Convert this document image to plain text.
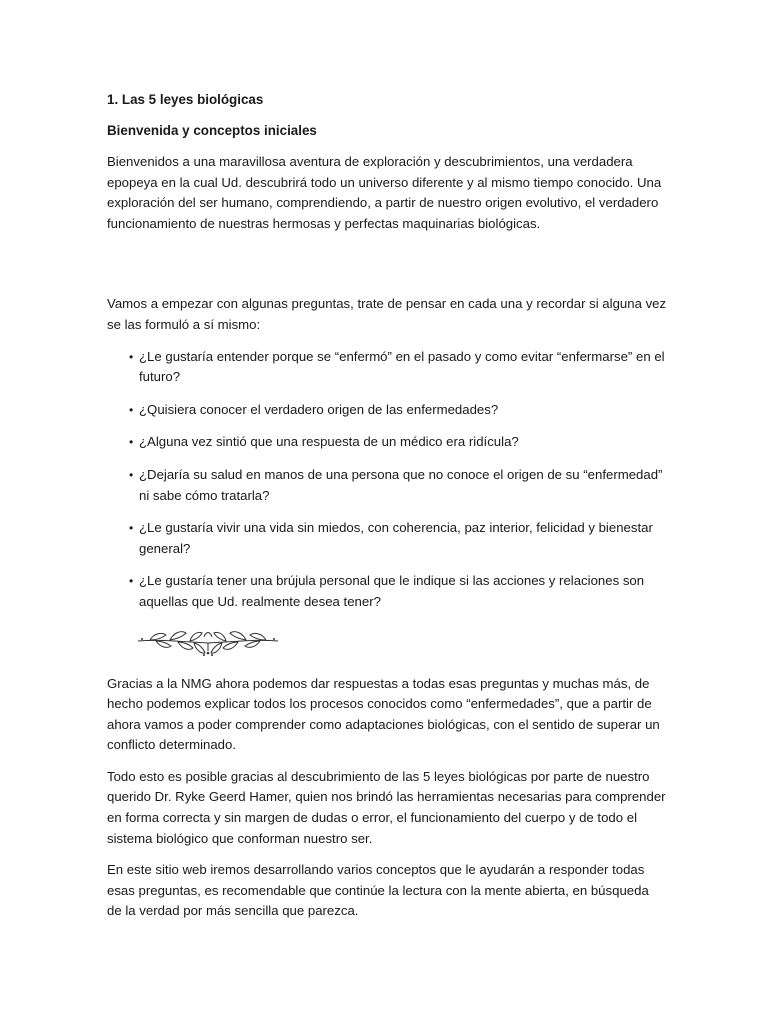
1. Las 5 leyes biológicas
Bienvenida y conceptos iniciales

Bienvenidos a una maravillosa aventura de exploración y descubrimientos, una verdadera epopeya en la cual Ud. descubrirá todo un universo diferente y al mismo tiempo conocido. Una exploración del ser humano, comprendiendo, a partir de nuestro origen evolutivo, el verdadero funcionamiento de nuestras hermosas y perfectas maquinarias biológicas.

Vamos a empezar con algunas preguntas, trate de pensar en cada una y recordar si alguna vez se las formuló a sí mismo:

• ¿Le gustaría entender porque se “enfermó” en el pasado y como evitar “enfermarse” en el futuro?
• ¿Quisiera conocer el verdadero origen de las enfermedades?
• ¿Alguna vez sintió que una respuesta de un médico era ridícula?
• ¿Dejaría su salud en manos de una persona que no conoce el origen de su “enfermedad” ni sabe cómo tratarla?
• ¿Le gustaría vivir una vida sin miedos, con coherencia, paz interior, felicidad y bienestar general?
• ¿Le gustaría tener una brújula personal que le indique si las acciones y relaciones son aquellas que Ud. realmente desea tener?

Gracias a la NMG ahora podemos dar respuestas a todas esas preguntas y muchas más, de hecho podemos explicar todos los procesos conocidos como “enfermedades”, que a partir de ahora vamos a poder comprender como adaptaciones biológicas, con el sentido de superar un conflicto determinado.

Todo esto es posible gracias al descubrimiento de las 5 leyes biológicas por parte de nuestro querido Dr. Ryke Geerd Hamer, quien nos brindó las herramientas necesarias para comprender en forma correcta y sin margen de dudas o error, el funcionamiento del cuerpo y de todo el sistema biológico que conforman nuestro ser.

En este sitio web iremos desarrollando varios conceptos que le ayudarán a responder todas esas preguntas, es recomendable que continúe la lectura con la mente abierta, en búsqueda de la verdad por más sencilla que parezca.
